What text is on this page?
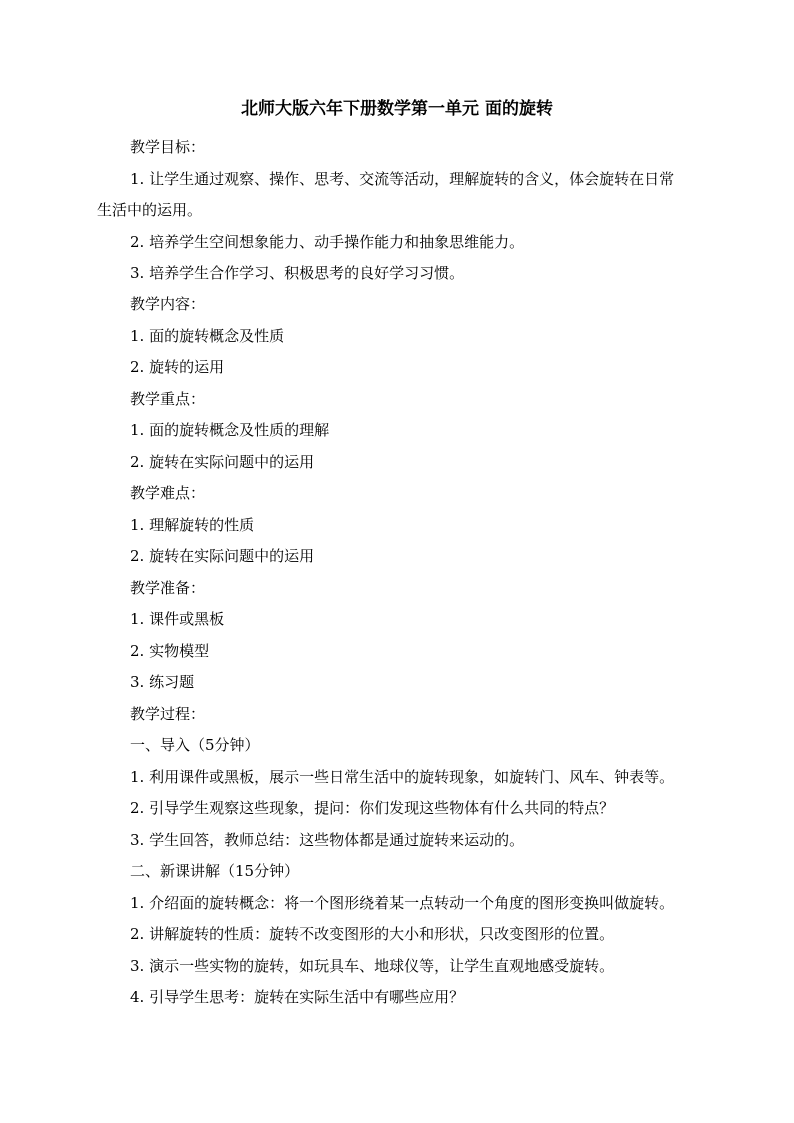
北师大版六年下册数学第一单元 面的旋转
教学目标：
1. 让学生通过观察、操作、思考、交流等活动，理解旋转的含义，体会旋转在日常
生活中的运用。
2. 培养学生空间想象能力、动手操作能力和抽象思维能力。
3. 培养学生合作学习、积极思考的良好学习习惯。
教学内容：
1. 面的旋转概念及性质
2. 旋转的运用
教学重点：
1. 面的旋转概念及性质的理解
2. 旋转在实际问题中的运用
教学难点：
1. 理解旋转的性质
2. 旋转在实际问题中的运用
教学准备：
1. 课件或黑板
2. 实物模型
3. 练习题
教学过程：
一、导入（5分钟）
1. 利用课件或黑板，展示一些日常生活中的旋转现象，如旋转门、风车、钟表等。
2. 引导学生观察这些现象，提问：你们发现这些物体有什么共同的特点？
3. 学生回答，教师总结：这些物体都是通过旋转来运动的。
二、新课讲解（15分钟）
1. 介绍面的旋转概念：将一个图形绕着某一点转动一个角度的图形变换叫做旋转。
2. 讲解旋转的性质：旋转不改变图形的大小和形状，只改变图形的位置。
3. 演示一些实物的旋转，如玩具车、地球仪等，让学生直观地感受旋转。
4. 引导学生思考：旋转在实际生活中有哪些应用？
